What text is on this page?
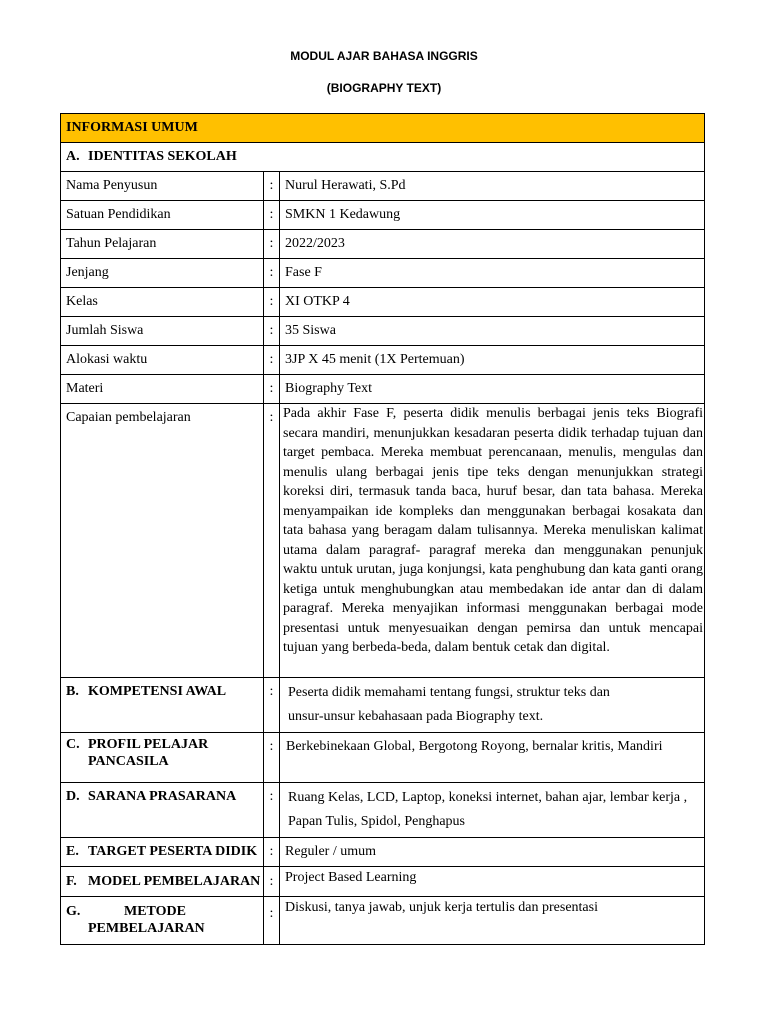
MODUL AJAR BAHASA INGGRIS
(BIOGRAPHY TEXT)
INFORMASI UMUM		
A. IDENTITAS SEKOLAH		
Nama Penyusun	:	Nurul Herawati, S.Pd
Satuan Pendidikan	:	SMKN 1 Kedawung
Tahun Pelajaran	:	2022/2023
Jenjang	:	Fase F
Kelas	:	XI OTKP 4
Jumlah Siswa	:	35 Siswa
Alokasi waktu	:	3JP X 45 menit (1X Pertemuan)
Materi	:	Biography Text
Capaian pembelajaran	:	Pada akhir Fase F, peserta didik menulis berbagai jenis teks Biografi secara mandiri, menunjukkan kesadaran peserta didik terhadap tujuan dan target pembaca. Mereka membuat perencanaan, menulis, mengulas dan menulis ulang berbagai jenis tipe teks dengan menunjukkan strategi koreksi diri, termasuk tanda baca, huruf besar, dan tata bahasa. Mereka menyampaikan ide kompleks dan menggunakan berbagai kosakata dan tata bahasa yang beragam dalam tulisannya. Mereka menuliskan kalimat utama dalam paragraf- paragraf mereka dan menggunakan penunjuk waktu untuk urutan, juga konjungsi, kata penghubung dan kata ganti orang ketiga untuk menghubungkan atau membedakan ide antar dan di dalam paragraf. Mereka menyajikan informasi menggunakan berbagai mode presentasi untuk menyesuaikan dengan pemirsa dan untuk mencapai tujuan yang berbeda-beda, dalam bentuk cetak dan digital.

B. KOMPETENSI AWAL	:	Peserta didik memahami tentang fungsi, struktur teks dan
unsur-unsur kebahasaan pada Biography text.

C. PROFIL PELAJAR
PANCASILA	:	Berkebinekaan Global, Bergotong Royong, bernalar kritis, Mandiri
D. SARANA PRASARANA	:	Ruang Kelas, LCD, Laptop, koneksi internet, bahan ajar, lembar kerja ,
Papan Tulis, Spidol, Penghapus

E. TARGET PESERTA DIDIK	:	Reguler / umum
F. MODEL PEMBELAJARAN	:	Project Based Learning

G. METODE
PEMBELAJARAN	:	Diskusi, tanya jawab, unjuk kerja tertulis dan presentasi
